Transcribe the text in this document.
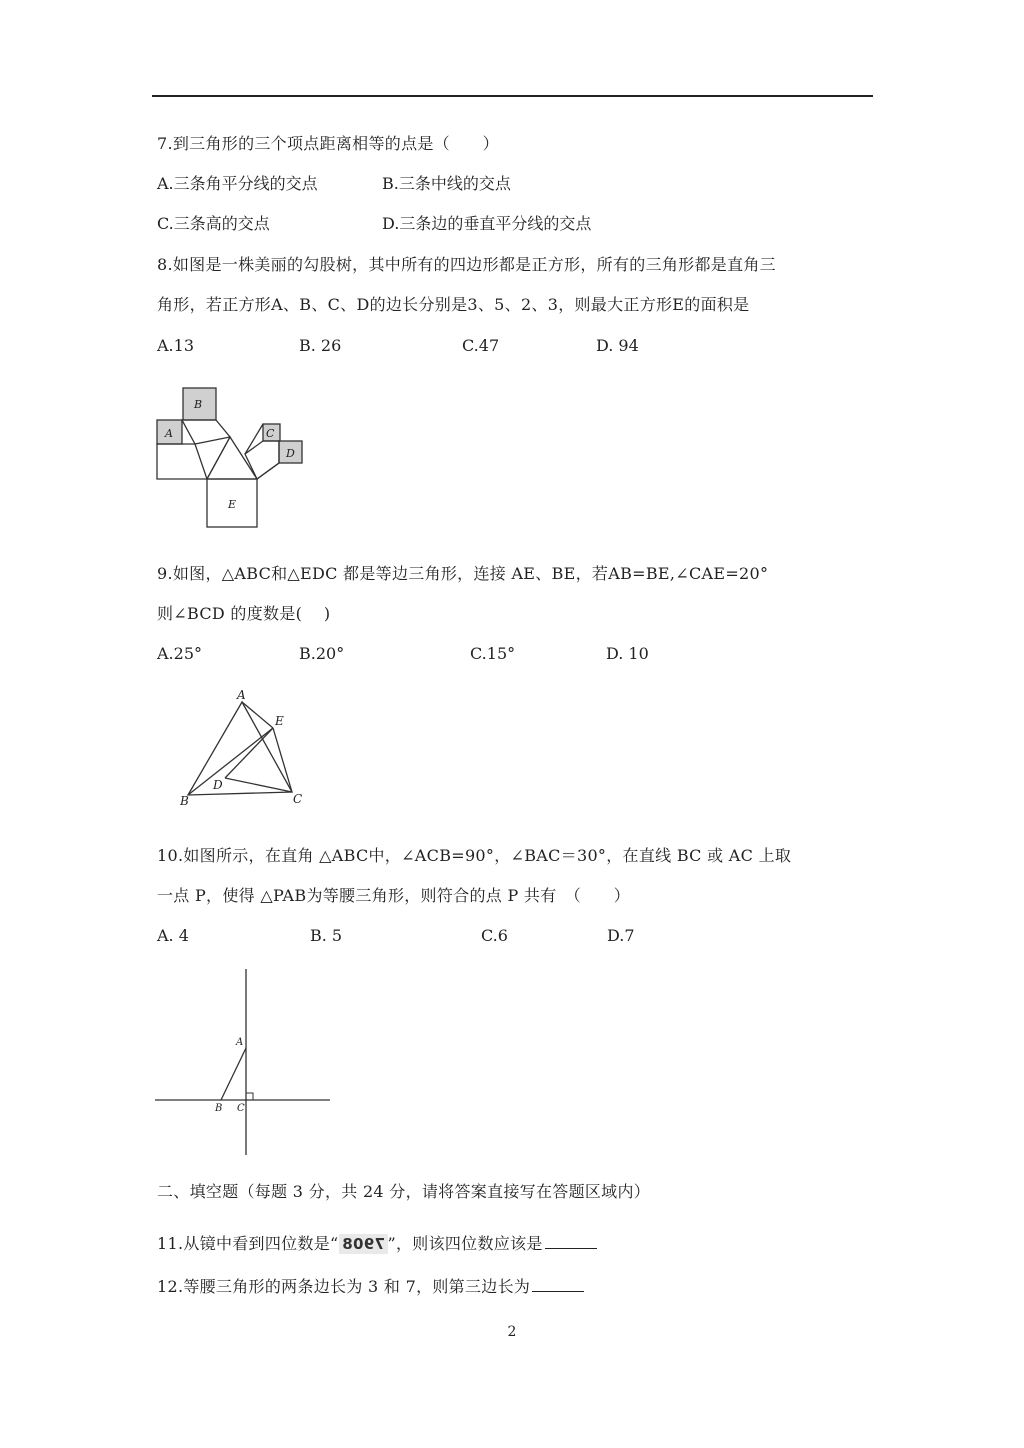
7.到三角形的三个项点距离相等的点是（　　）
A.三条角平分线的交点	B.三条中线的交点
C.三条高的交点	D.三条边的垂直平分线的交点
8.如图是一株美丽的勾股树，其中所有的四边形都是正方形，所有的三角形都是直角三
角形，若正方形A、B、C、D的边长分别是3、5、2、3，则最大正方形E的面积是
A.13	B. 26	C.47	D. 94
A
B
C
D
E
9.如图，△ABC和△EDC 都是等边三角形，连接 AE、BE，若AB=BE,∠CAE=20°
则∠BCD 的度数是(　 )
A.25°	B.20°	C.15°	D. 10
A
E
B
D
C
10.如图所示，在直角 △ABC中，∠ACB=90°，∠BAC＝30°，在直线 BC 或 AC 上取
一点 P，使得 △PAB为等腰三角形，则符合的点 P 共有　（　　）
A. 4	B. 5	C.6	D.7
A
B C
二、填空题（每题 3 分，共 24 分，请将答案直接写在答题区域内）
11.从镜中看到四位数是“ 7908 ”，则该四位数应该是
12.等腰三角形的两条边长为 3 和 7，则第三边长为
2
